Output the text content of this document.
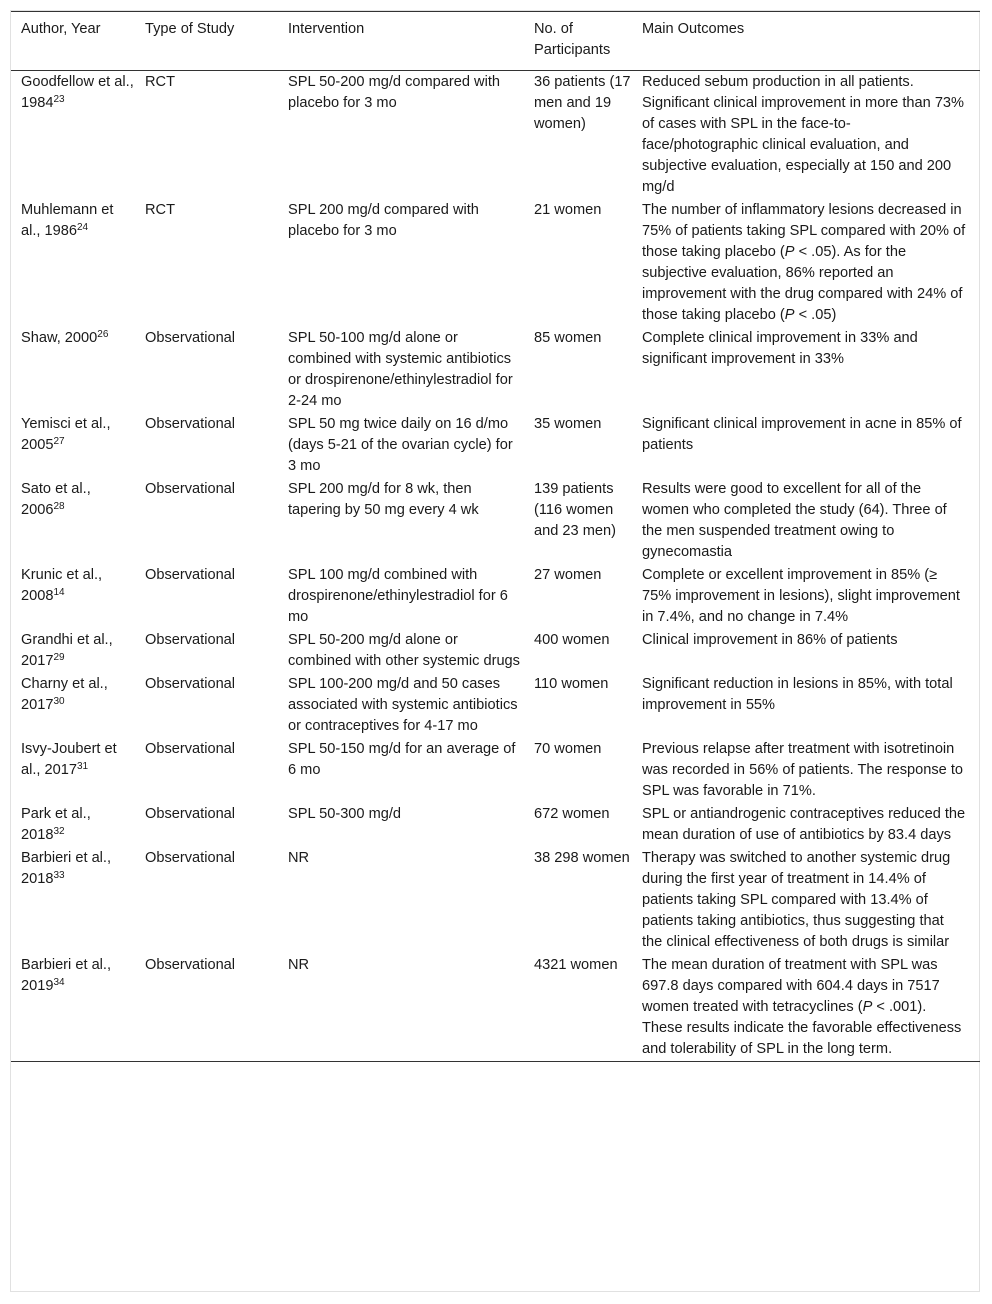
Author, Year	Type of Study	Intervention	No. of Participants	Main Outcomes
Goodfellow et al., 1984$^{23}$	RCT	SPL 50-200 mg/d compared with placebo for 3 mo	36 patients (17 men and 19 women)	Reduced sebum production in all patients. Significant clinical improvement in more than 73% of cases with SPL in the face-to-face/photographic clinical evaluation, and subjective evaluation, especially at 150 and 200 mg/d
Muhlemann et al., 1986$^{24}$	RCT	SPL 200 mg/d compared with placebo for 3 mo	21 women	The number of inflammatory lesions decreased in 75% of patients taking SPL compared with 20% of those taking placebo (P < .05). As for the subjective evaluation, 86% reported an improvement with the drug compared with 24% of those taking placebo (P < .05)
Shaw, 2000$^{26}$	Observational	SPL 50-100 mg/d alone or combined with systemic antibiotics or drospirenone/ethinylestradiol for 2-24 mo	85 women	Complete clinical improvement in 33% and significant improvement in 33%
Yemisci et al., 2005$^{27}$	Observational	SPL 50 mg twice daily on 16 d/mo (days 5-21 of the ovarian cycle) for 3 mo	35 women	Significant clinical improvement in acne in 85% of patients
Sato et al., 2006$^{28}$	Observational	SPL 200 mg/d for 8 wk, then tapering by 50 mg every 4 wk	139 patients (116 women and 23 men)	Results were good to excellent for all of the women who completed the study (64). Three of the men suspended treatment owing to gynecomastia
Krunic et al., 2008$^{14}$	Observational	SPL 100 mg/d combined with drospirenone/ethinylestradiol for 6 mo	27 women	Complete or excellent improvement in 85% (≥ 75% improvement in lesions), slight improvement in 7.4%, and no change in 7.4%
Grandhi et al., 2017$^{29}$	Observational	SPL 50-200 mg/d alone or combined with other systemic drugs	400 women	Clinical improvement in 86% of patients
Charny et al., 2017$^{30}$	Observational	SPL 100-200 mg/d and 50 cases associated with systemic antibiotics or contraceptives for 4-17 mo	110 women	Significant reduction in lesions in 85%, with total improvement in 55%
Isvy-Joubert et al., 2017$^{31}$	Observational	SPL 50-150 mg/d for an average of 6 mo	70 women	Previous relapse after treatment with isotretinoin was recorded in 56% of patients. The response to SPL was favorable in 71%.
Park et al., 2018$^{32}$	Observational	SPL 50-300 mg/d	672 women	SPL or antiandrogenic contraceptives reduced the mean duration of use of antibiotics by 83.4 days
Barbieri et al., 2018$^{33}$	Observational	NR	38 298 women	Therapy was switched to another systemic drug during the first year of treatment in 14.4% of patients taking SPL compared with 13.4% of patients taking antibiotics, thus suggesting that the clinical effectiveness of both drugs is similar
Barbieri et al., 2019$^{34}$	Observational	NR	4321 women	The mean duration of treatment with SPL was 697.8 days compared with 604.4 days in 7517 women treated with tetracyclines (P < .001). These results indicate the favorable effectiveness and tolerability of SPL in the long term.
